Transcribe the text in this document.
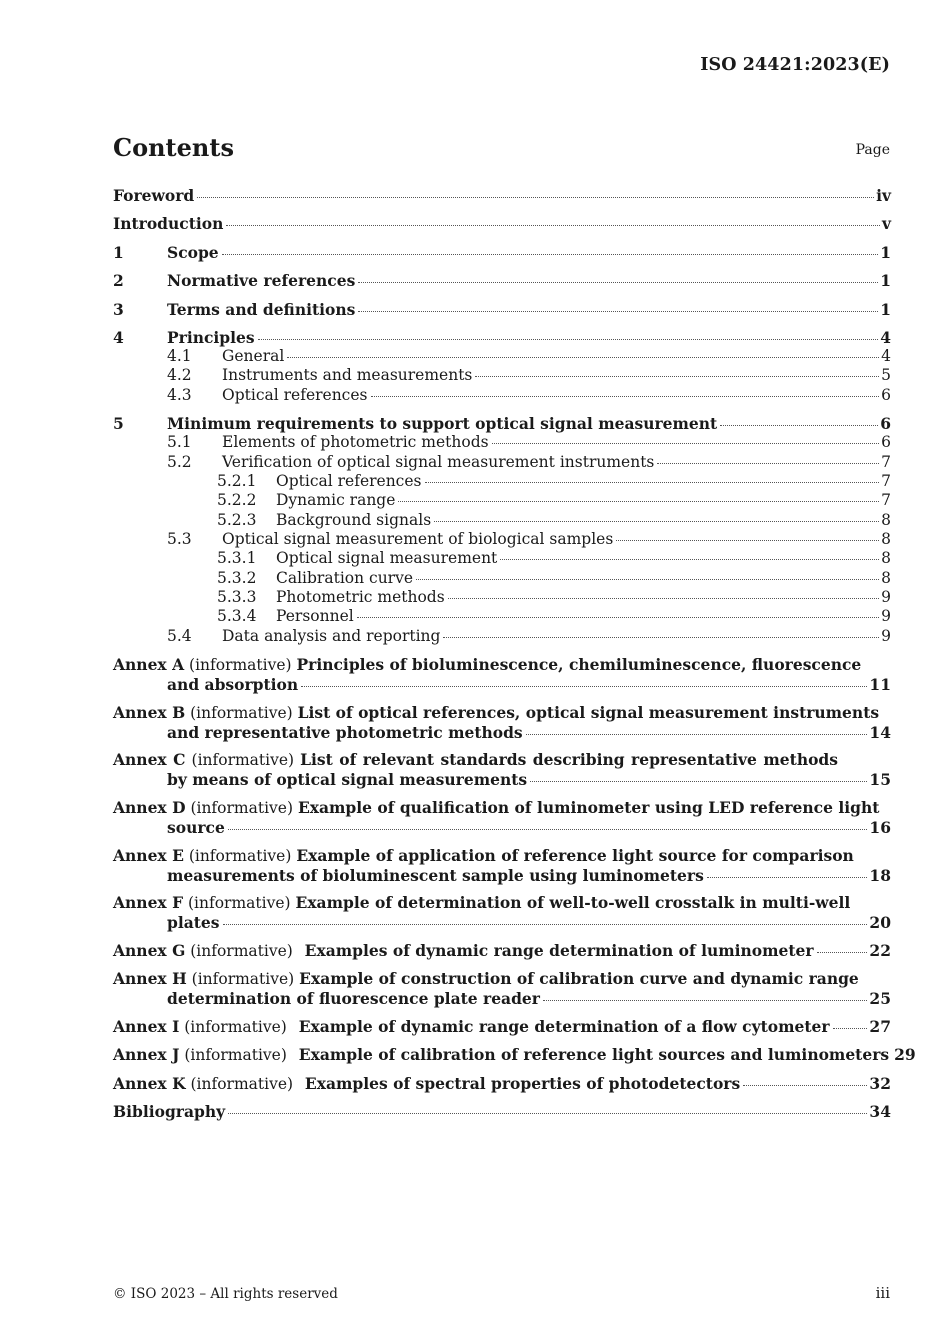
ISO 24421:2023(E)
Contents	Page
Foreword	iv
Introduction	v
1	Scope	1
2	Normative references	1
3	Terms and definitions	1
4	Principles	4
4.1 General	4
4.2 Instruments and measurements	5
4.3 Optical references	6
5	Minimum requirements to support optical signal measurement	6
5.1 Elements of photometric methods	6
5.2 Verification of optical signal measurement instruments	7
5.2.1 Optical references	7
5.2.2 Dynamic range	7
5.2.3 Background signals	8
5.3 Optical signal measurement of biological samples	8
5.3.1 Optical signal measurement	8
5.3.2 Calibration curve	8
5.3.3 Photometric methods	9
5.3.4 Personnel	9
5.4 Data analysis and reporting	9
Annex A (informative) Principles of bioluminescence, chemiluminescence, fluorescence
and absorption	11
Annex B (informative) List of optical references, optical signal measurement instruments
and representative photometric methods	14
Annex C (informative) List of relevant standards describing representative methods
by means of optical signal measurements	15
Annex D (informative) Example of qualification of luminometer using LED reference light
source	16
Annex E (informative) Example of application of reference light source for comparison
measurements of bioluminescent sample using luminometers	18
Annex F (informative) Example of determination of well-to-well crosstalk in multi-well
plates	20
Annex G (informative) Examples of dynamic range determination of luminometer	22
Annex H (informative) Example of construction of calibration curve and dynamic range
determination of fluorescence plate reader	25
Annex I (informative) Example of dynamic range determination of a flow cytometer	27
Annex J (informative) Example of calibration of reference light sources and luminometers 29
Annex K (informative) Examples of spectral properties of photodetectors	32
Bibliography	34
© ISO 2023 – All rights reserved	iii
